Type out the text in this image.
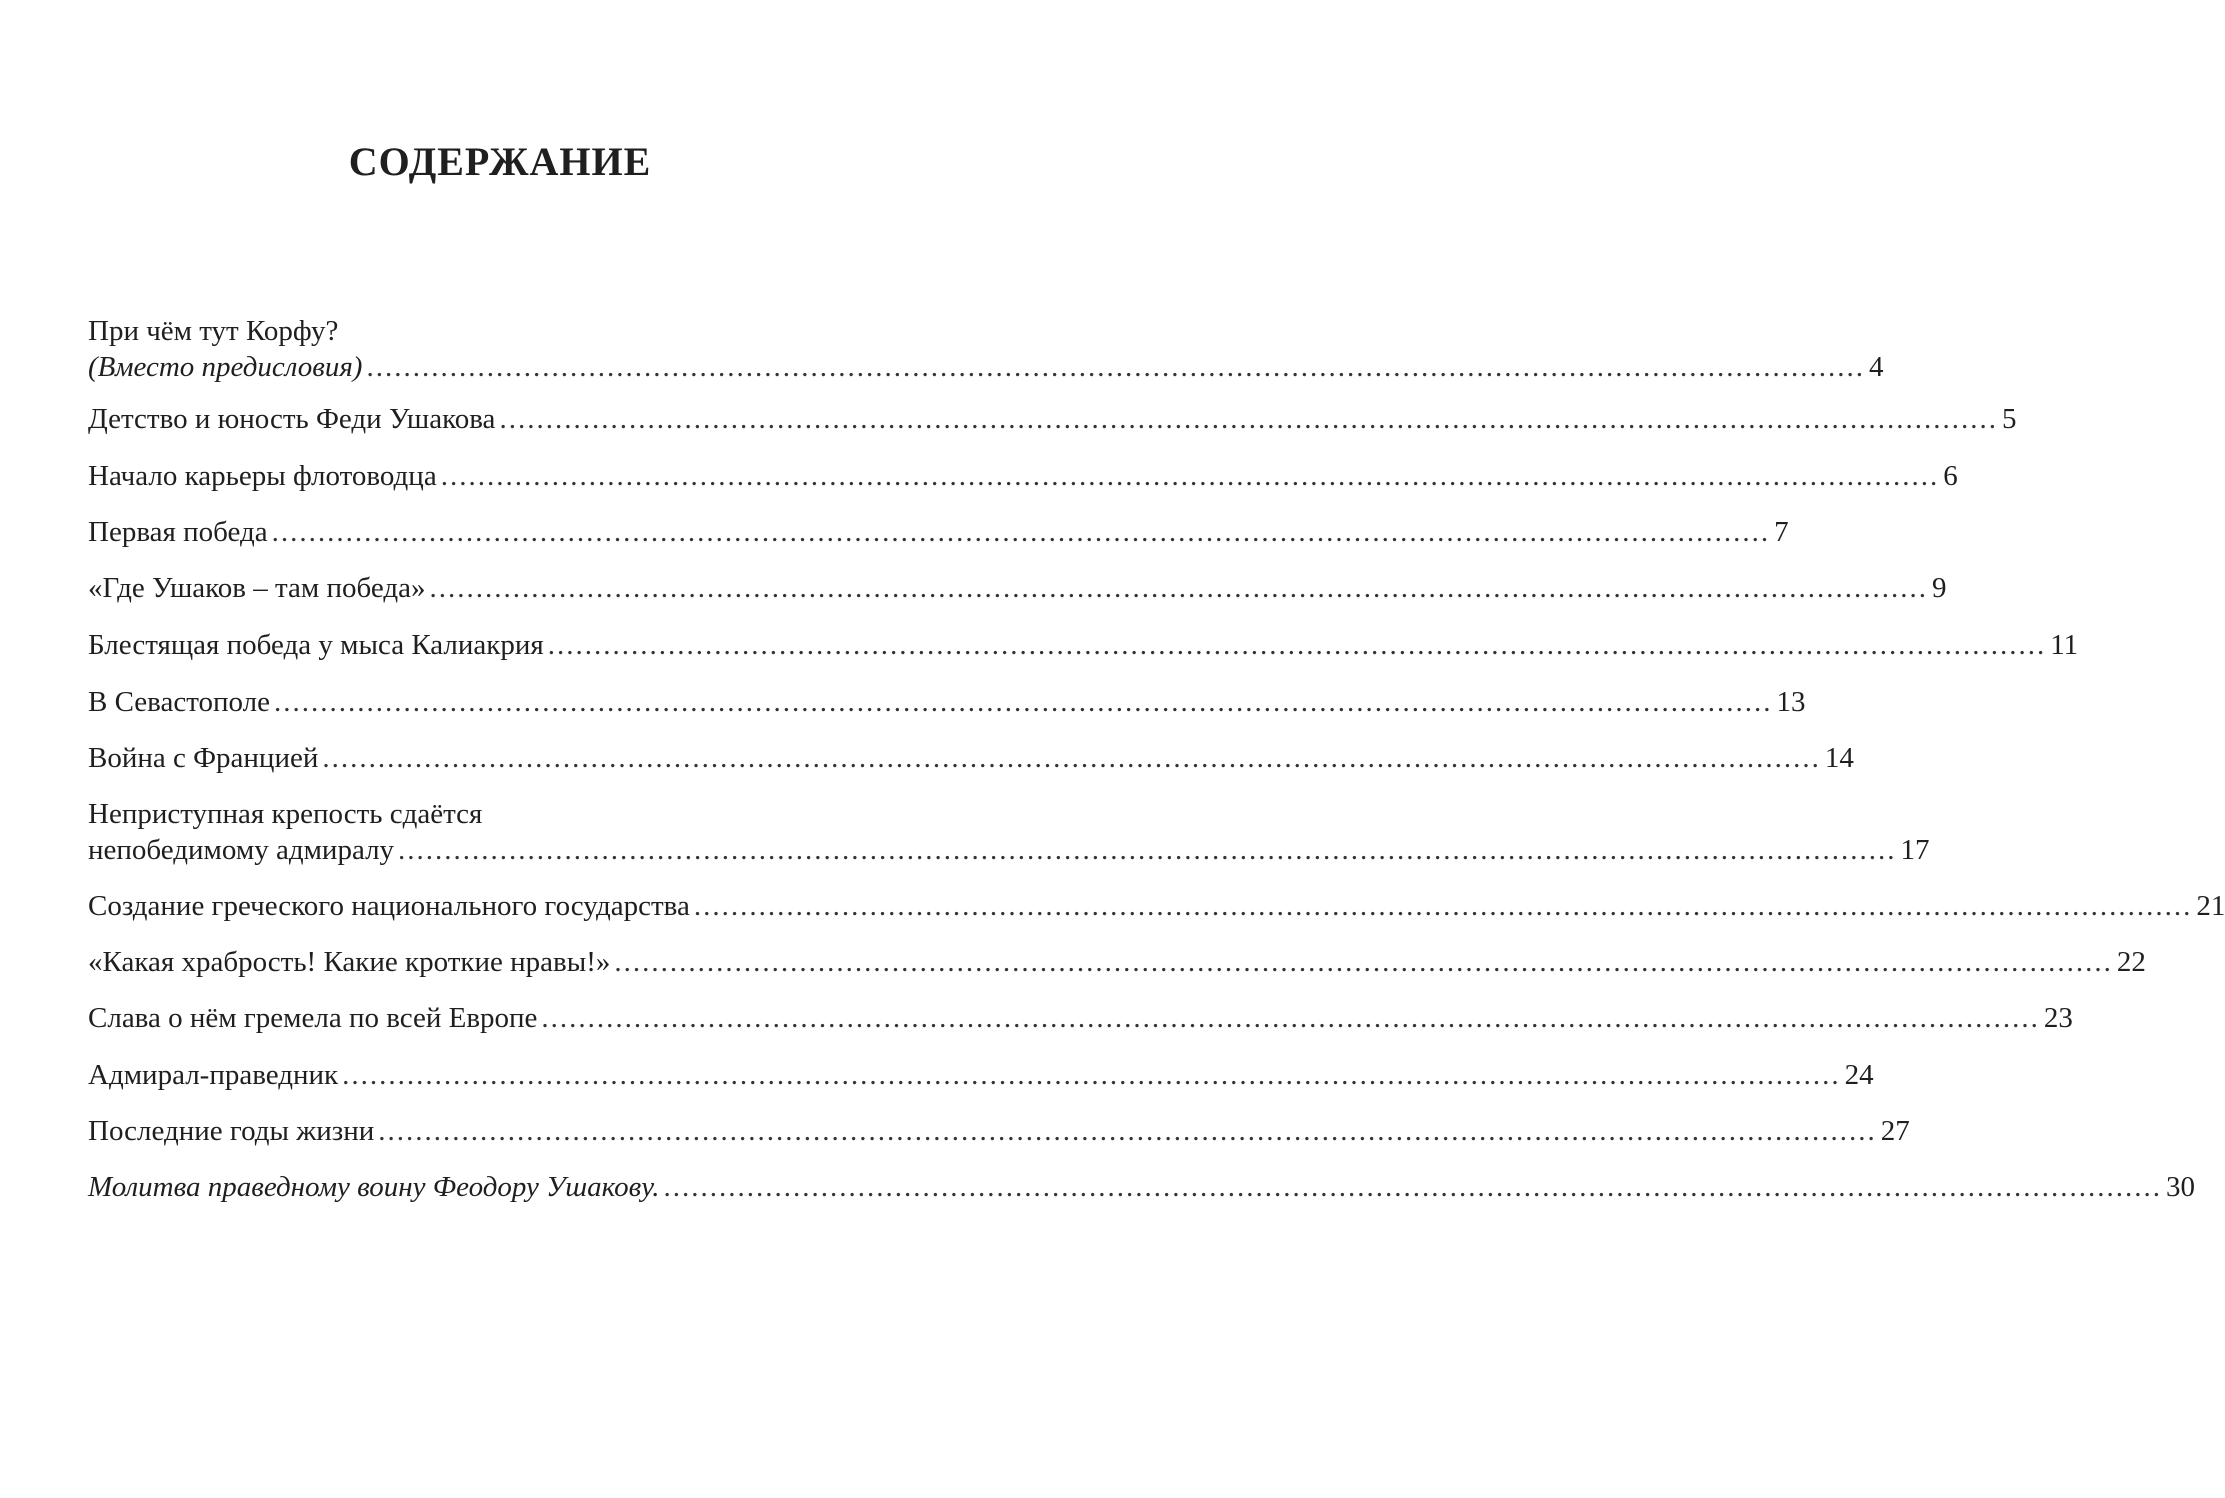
СОДЕРЖАНИЕ
При чём тут Корфу?
(Вместо предисловия) .................................................................................................................................................................. 4
Детство и юность Феди Ушакова .................................................................................................................................................................. 5
Начало карьеры флотоводца .................................................................................................................................................................. 6
Первая победа .................................................................................................................................................................. 7
«Где Ушаков – там победа» .................................................................................................................................................................. 9
Блестящая победа у мыса Калиакрия .................................................................................................................................................................. 11
В Севастополе .................................................................................................................................................................. 13
Война с Францией .................................................................................................................................................................. 14
Неприступная крепость сдаётся
непобедимому адмиралу .................................................................................................................................................................. 17
Создание греческого национального государства .................................................................................................................................................................. 21
«Какая храбрость! Какие кроткие нравы!» .................................................................................................................................................................. 22
Слава о нём гремела по всей Европе .................................................................................................................................................................. 23
Адмирал-праведник .................................................................................................................................................................. 24
Последние годы жизни .................................................................................................................................................................. 27
Молитва праведному воину Феодору Ушакову. .................................................................................................................................................................. 30
